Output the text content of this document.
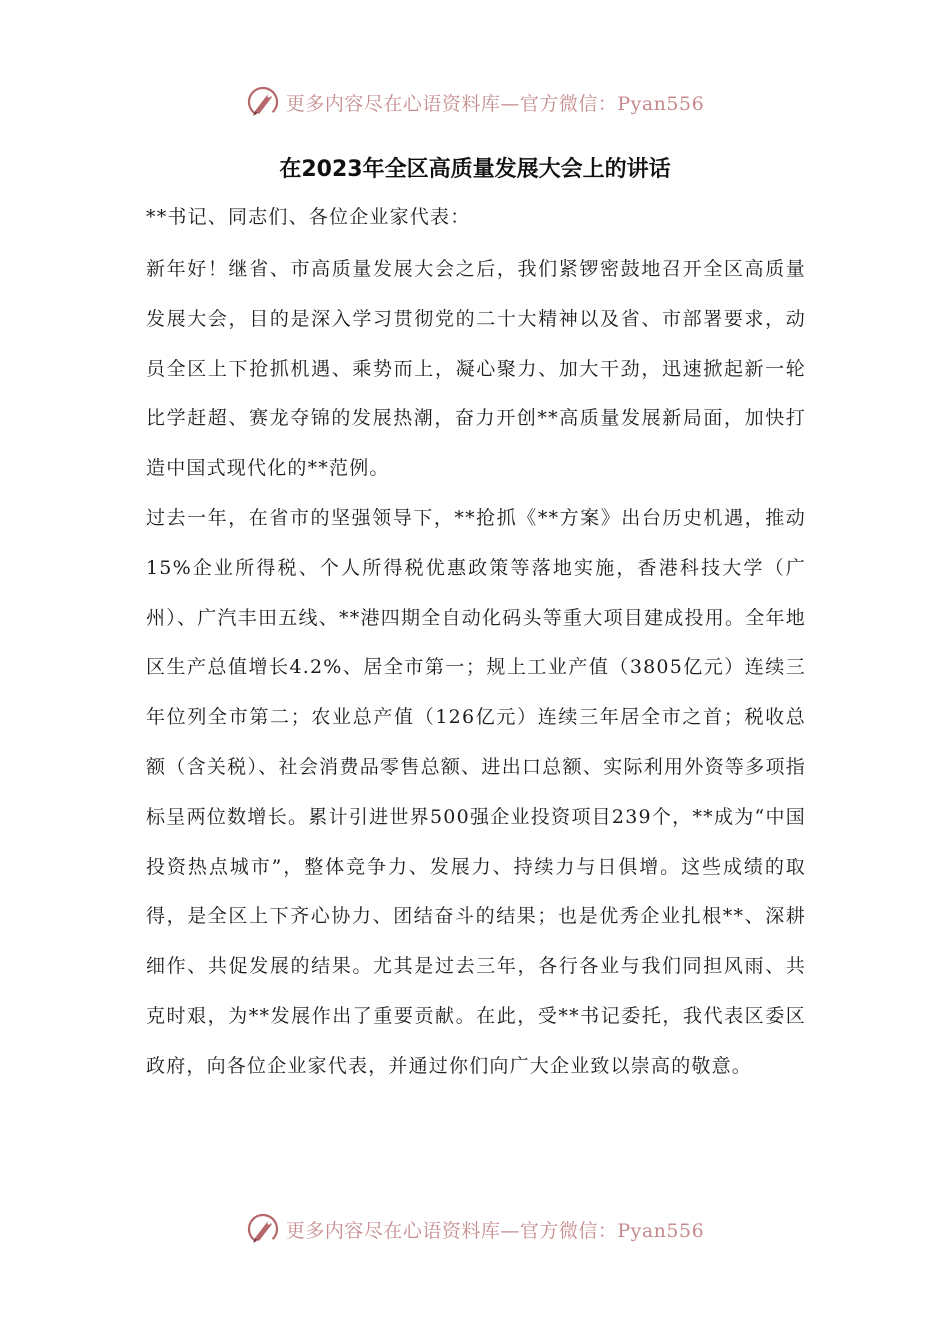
更多内容尽在心语资料库—官方微信：Pyan556
在2023年全区高质量发展大会上的讲话

**书记、同志们、各位企业家代表：

新年好！继省、市高质量发展大会之后，我们紧锣密鼓地召开全区高质量发展大会，目的是深入学习贯彻党的二十大精神以及省、市部署要求，动员全区上下抢抓机遇、乘势而上，凝心聚力、加大干劲，迅速掀起新一轮比学赶超、赛龙夺锦的发展热潮，奋力开创**高质量发展新局面，加快打造中国式现代化的**范例。

过去一年，在省市的坚强领导下，**抢抓《**方案》出台历史机遇，推动15%企业所得税、个人所得税优惠政策等落地实施，香港科技大学（广州）、广汽丰田五线、**港四期全自动化码头等重大项目建成投用。全年地区生产总值增长4.2%、居全市第一；规上工业产值（3805亿元）连续三年位列全市第二；农业总产值（126亿元）连续三年居全市之首；税收总额（含关税）、社会消费品零售总额、进出口总额、实际利用外资等多项指标呈两位数增长。累计引进世界500强企业投资项目239个，**成为“中国投资热点城市”，整体竞争力、发展力、持续力与日俱增。这些成绩的取得，是全区上下齐心协力、团结奋斗的结果；也是优秀企业扎根**、深耕细作、共促发展的结果。尤其是过去三年，各行各业与我们同担风雨、共克时艰，为**发展作出了重要贡献。在此，受**书记委托，我代表区委区政府，向各位企业家代表，并通过你们向广大企业致以崇高的敬意。

更多内容尽在心语资料库—官方微信：Pyan556
